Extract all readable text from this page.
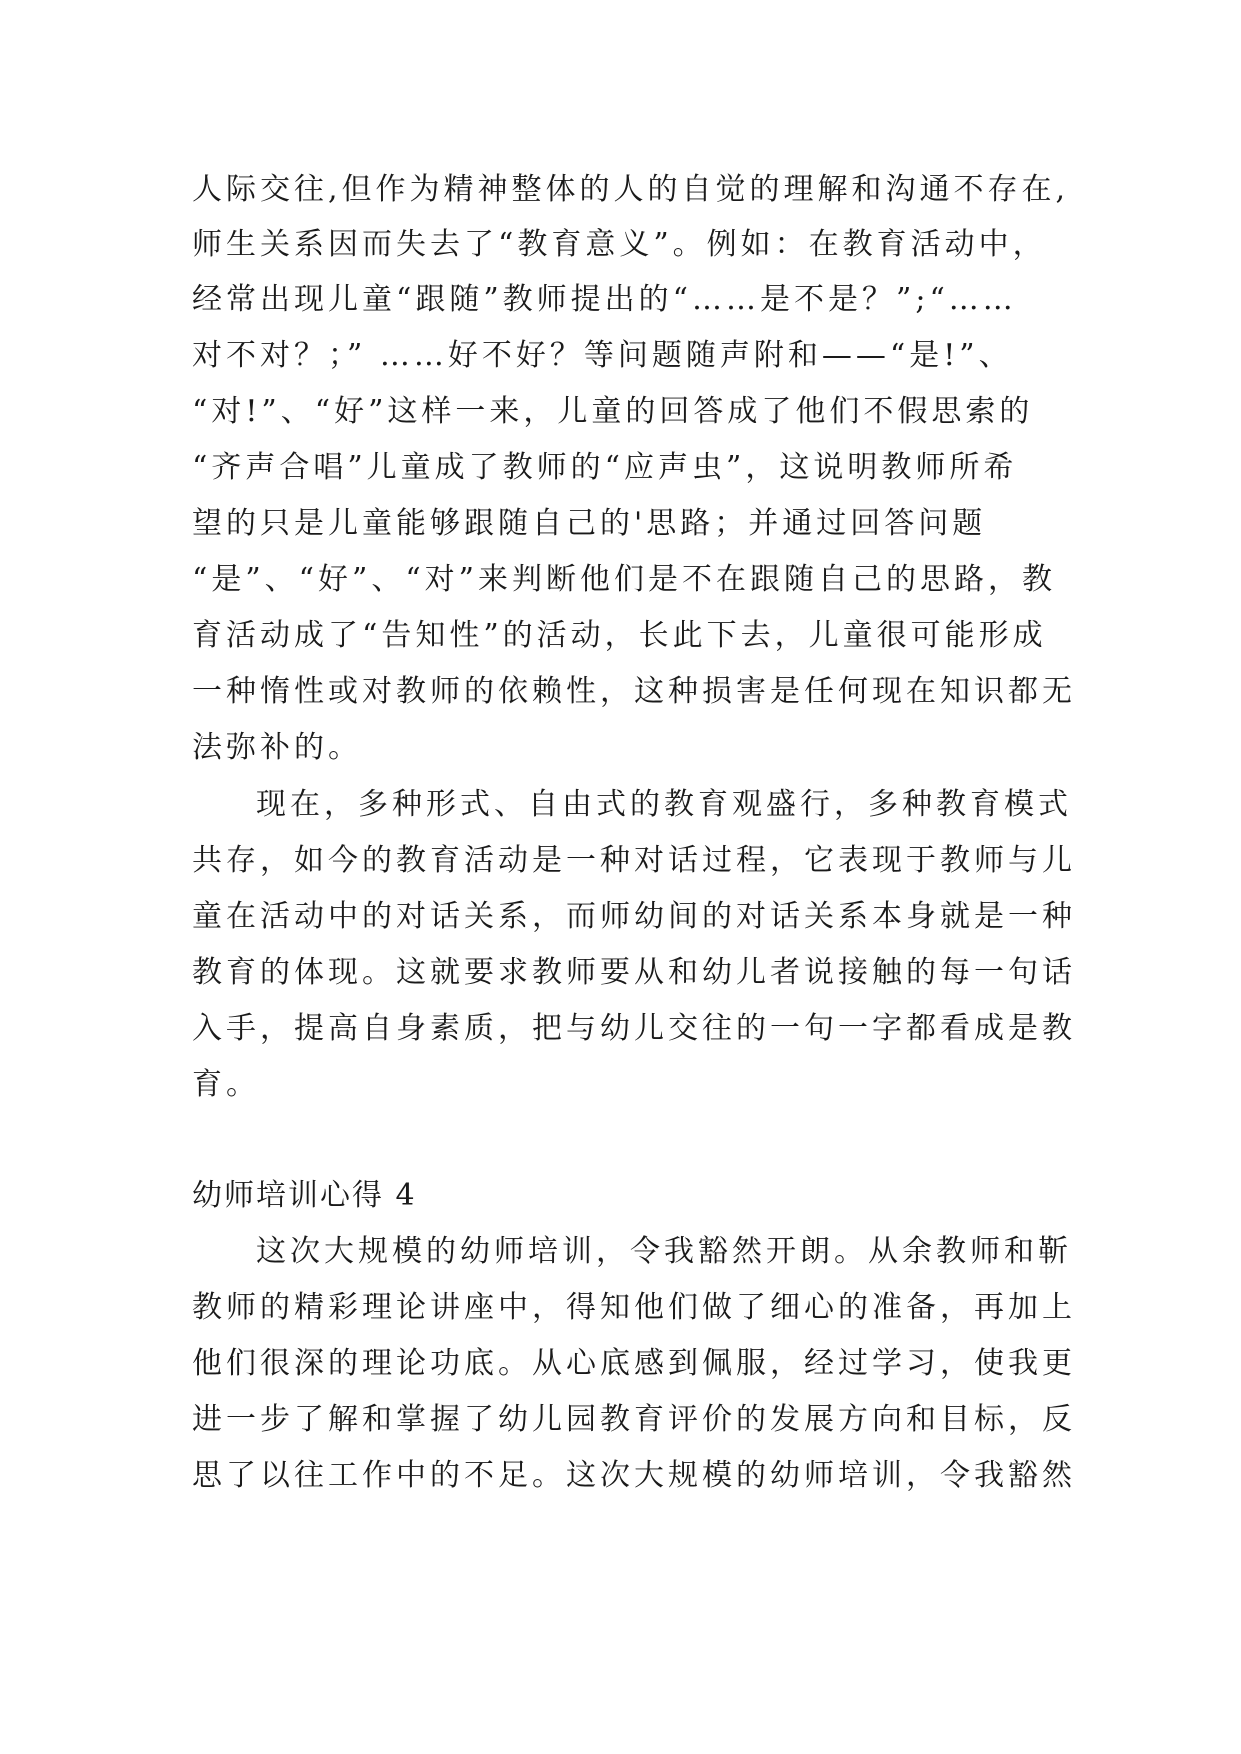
人际交往,但作为精神整体的人的自觉的理解和沟通不存在,
师生关系因而失去了“教育意义”。例如：在教育活动中，
经常出现儿童“跟随”教师提出的“……是不是？”;“……
对不对？；” ……好不好？等问题随声附和——“是!”、
“对!”、“好”这样一来，儿童的回答成了他们不假思索的
“齐声合唱”儿童成了教师的“应声虫”，这说明教师所希
望的只是儿童能够跟随自己的'思路；并通过回答问题
“是”、“好”、“对”来判断他们是不在跟随自己的思路，教
育活动成了“告知性”的活动，长此下去，儿童很可能形成
一种惰性或对教师的依赖性，这种损害是任何现在知识都无
法弥补的。
现在，多种形式、自由式的教育观盛行，多种教育模式
共存，如今的教育活动是一种对话过程，它表现于教师与儿
童在活动中的对话关系，而师幼间的对话关系本身就是一种
教育的体现。这就要求教师要从和幼儿者说接触的每一句话
入手，提高自身素质，把与幼儿交往的一句一字都看成是教
育。
幼师培训心得 4
这次大规模的幼师培训，令我豁然开朗。从余教师和靳
教师的精彩理论讲座中，得知他们做了细心的准备，再加上
他们很深的理论功底。从心底感到佩服，经过学习，使我更
进一步了解和掌握了幼儿园教育评价的发展方向和目标，反
思了以往工作中的不足。这次大规模的幼师培训，令我豁然
